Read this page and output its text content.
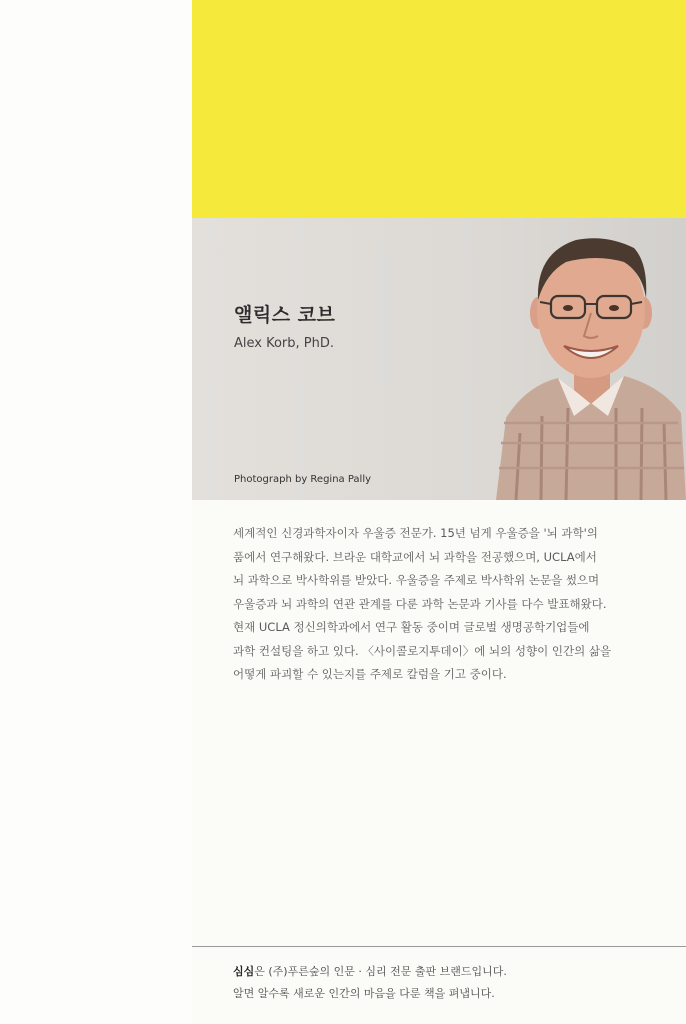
앨릭스 코브
Alex Korb, PhD.
Photograph by Regina Pally

세계적인 신경과학자이자 우울증 전문가. 15년 넘게 우울증을 '뇌 과학'의

품에서 연구해왔다. 브라운 대학교에서 뇌 과학을 전공했으며, UCLA에서

뇌 과학으로 박사학위를 받았다. 우울증을 주제로 박사학위 논문을 썼으며

우울증과 뇌 과학의 연관 관계를 다룬 과학 논문과 기사를 다수 발표해왔다.

현재 UCLA 정신의학과에서 연구 활동 중이며 글로벌 생명공학기업들에

과학 컨설팅을 하고 있다. 〈사이콜로지투데이〉에 뇌의 성향이 인간의 삶을

어떻게 파괴할 수 있는지를 주제로 칼럼을 기고 중이다.

심심은 (주)푸른숲의 인문 · 심리 전문 출판 브랜드입니다.

알면 알수록 새로운 인간의 마음을 다룬 책을 펴냅니다.
